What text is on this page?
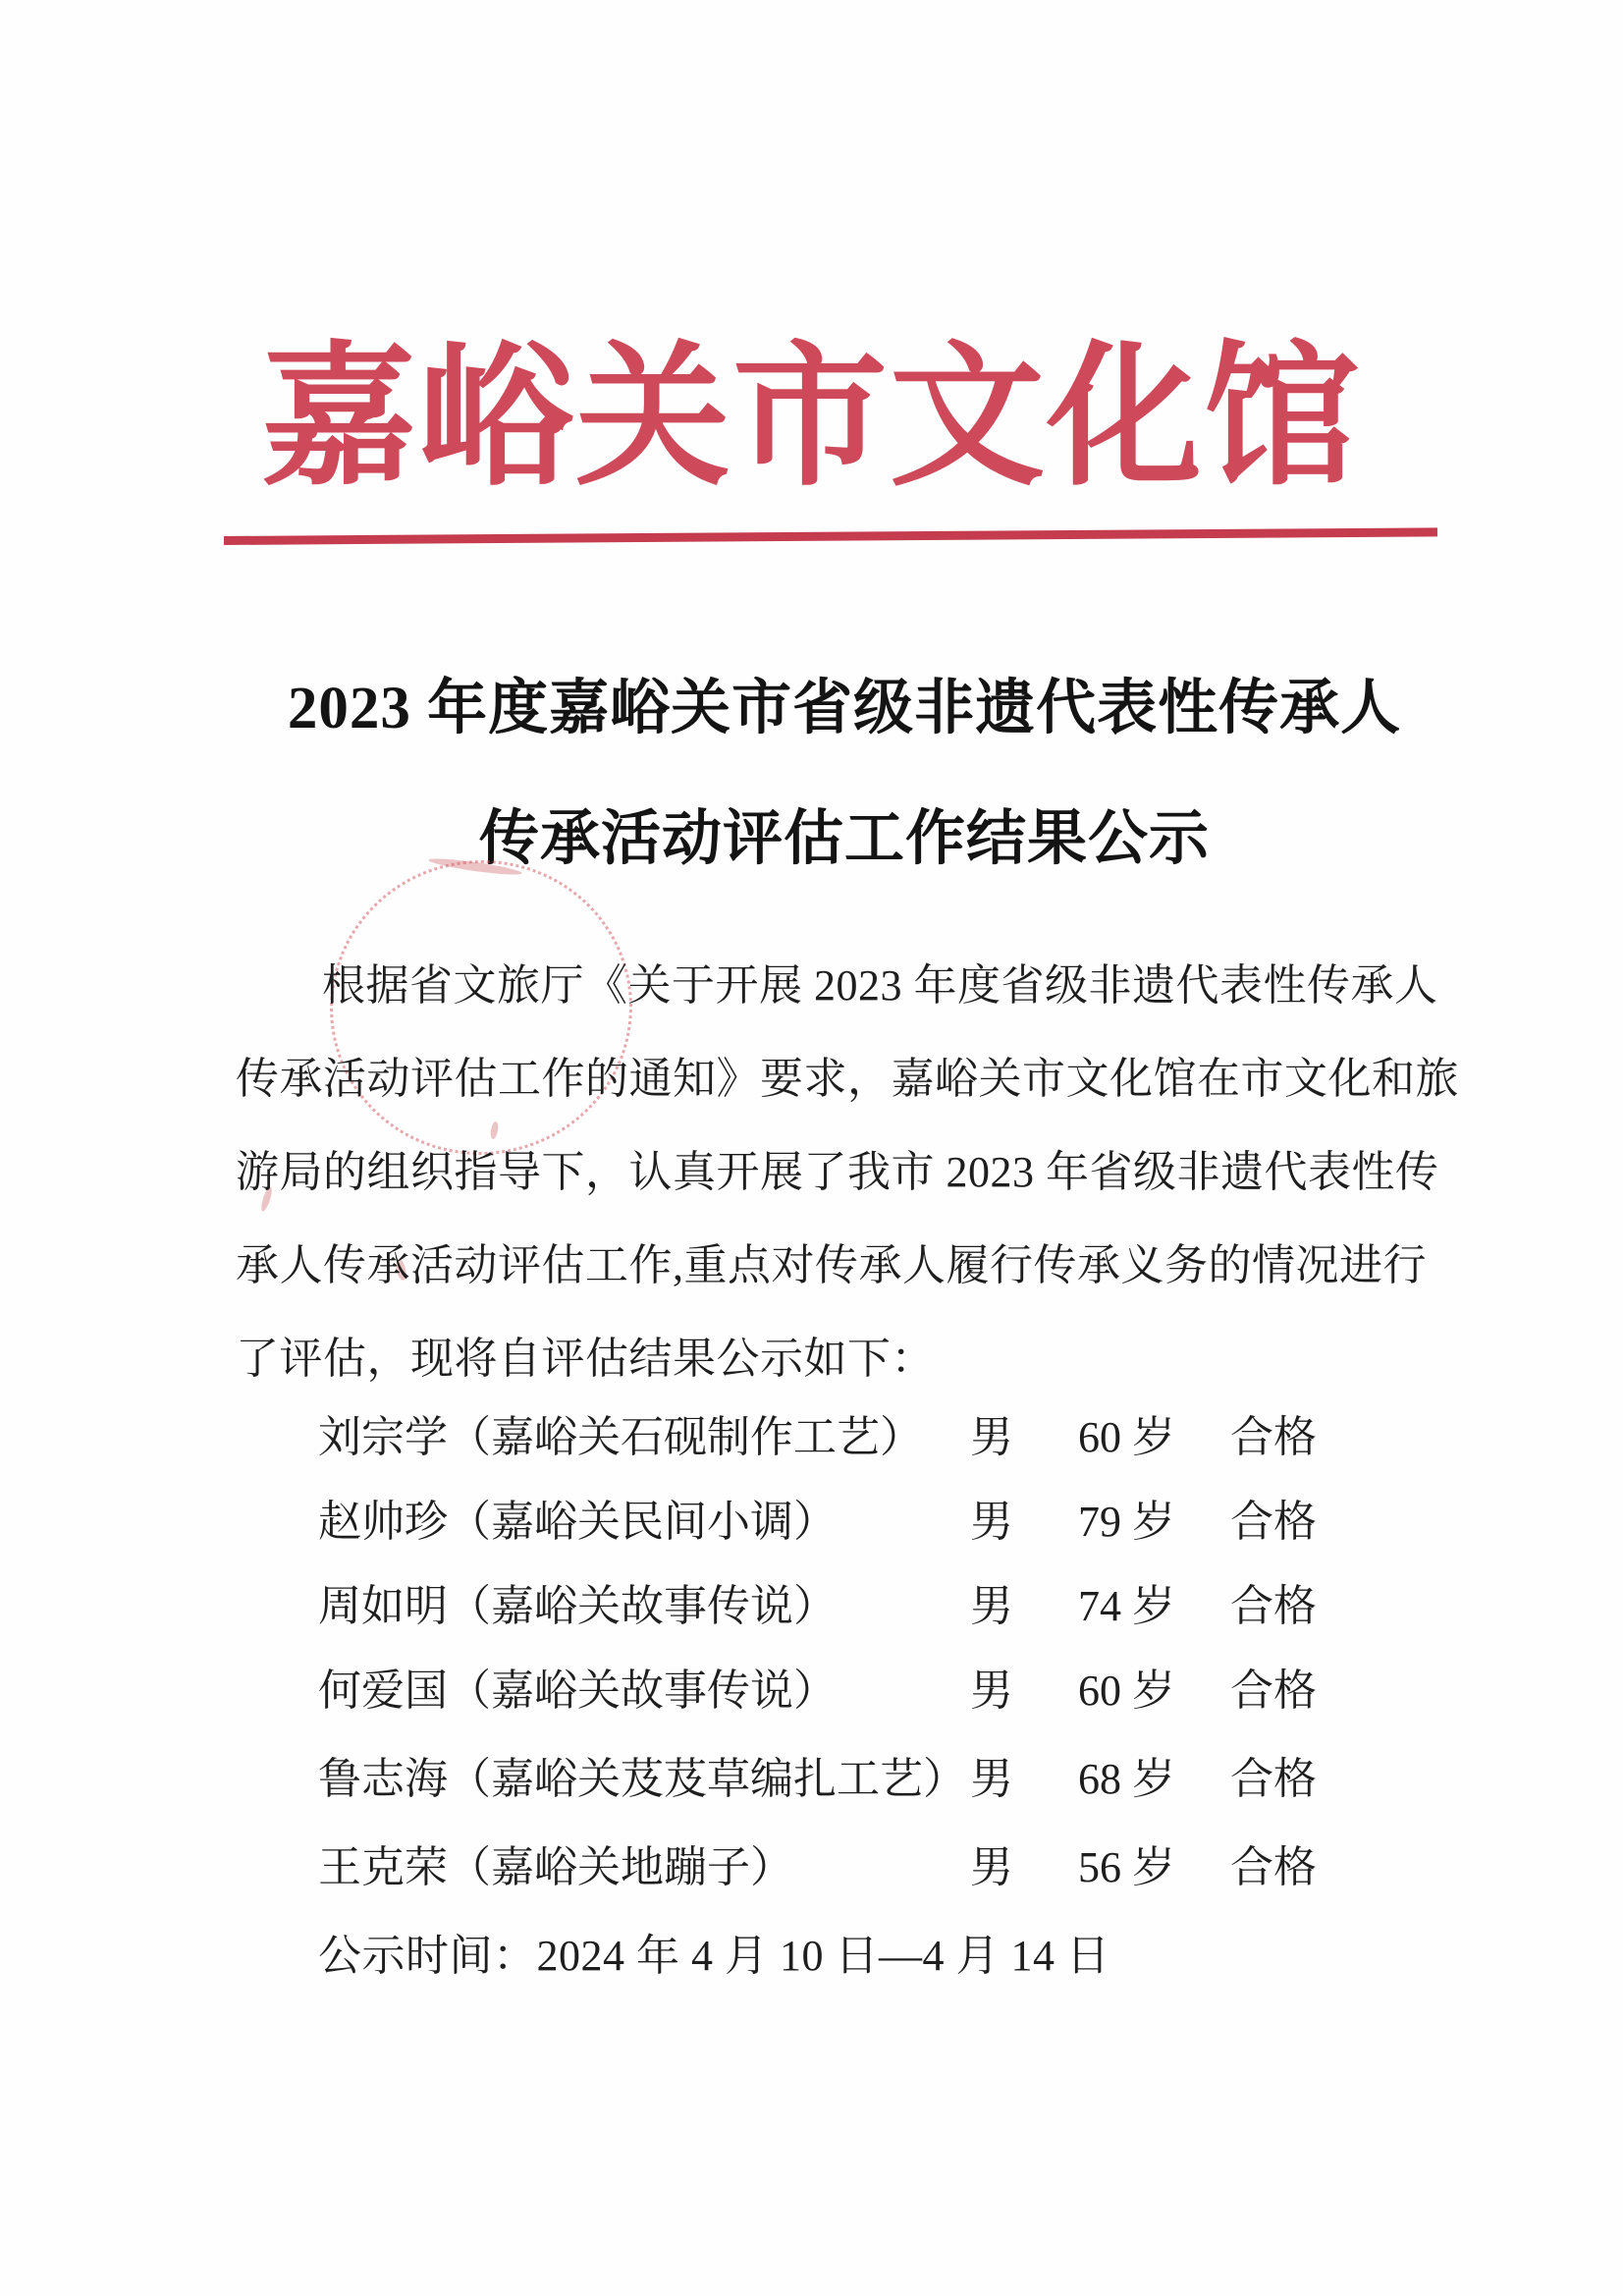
嘉峪关市文化馆
2023 年度嘉峪关市省级非遗代表性传承人
传承活动评估工作结果公示
根据省文旅厅《关于开展 2023 年度省级非遗代表性传承人
传承活动评估工作的通知》要求，嘉峪关市文化馆在市文化和旅
游局的组织指导下，认真开展了我市 2023 年省级非遗代表性传
承人传承活动评估工作,重点对传承人履行传承义务的情况进行
了评估，现将自评估结果公示如下：
刘宗学（嘉峪关石砚制作工艺） 男 60 岁 合格
赵帅珍（嘉峪关民间小调）	男 79 岁 合格
周如明（嘉峪关故事传说）	男 74 岁 合格
何爱国（嘉峪关故事传说）	男 60 岁 合格
鲁志海（嘉峪关芨芨草编扎工艺） 男 68 岁 合格
王克荣（嘉峪关地蹦子）	男 56 岁 合格
公示时间：2024 年 4 月 10 日—4 月 14 日
